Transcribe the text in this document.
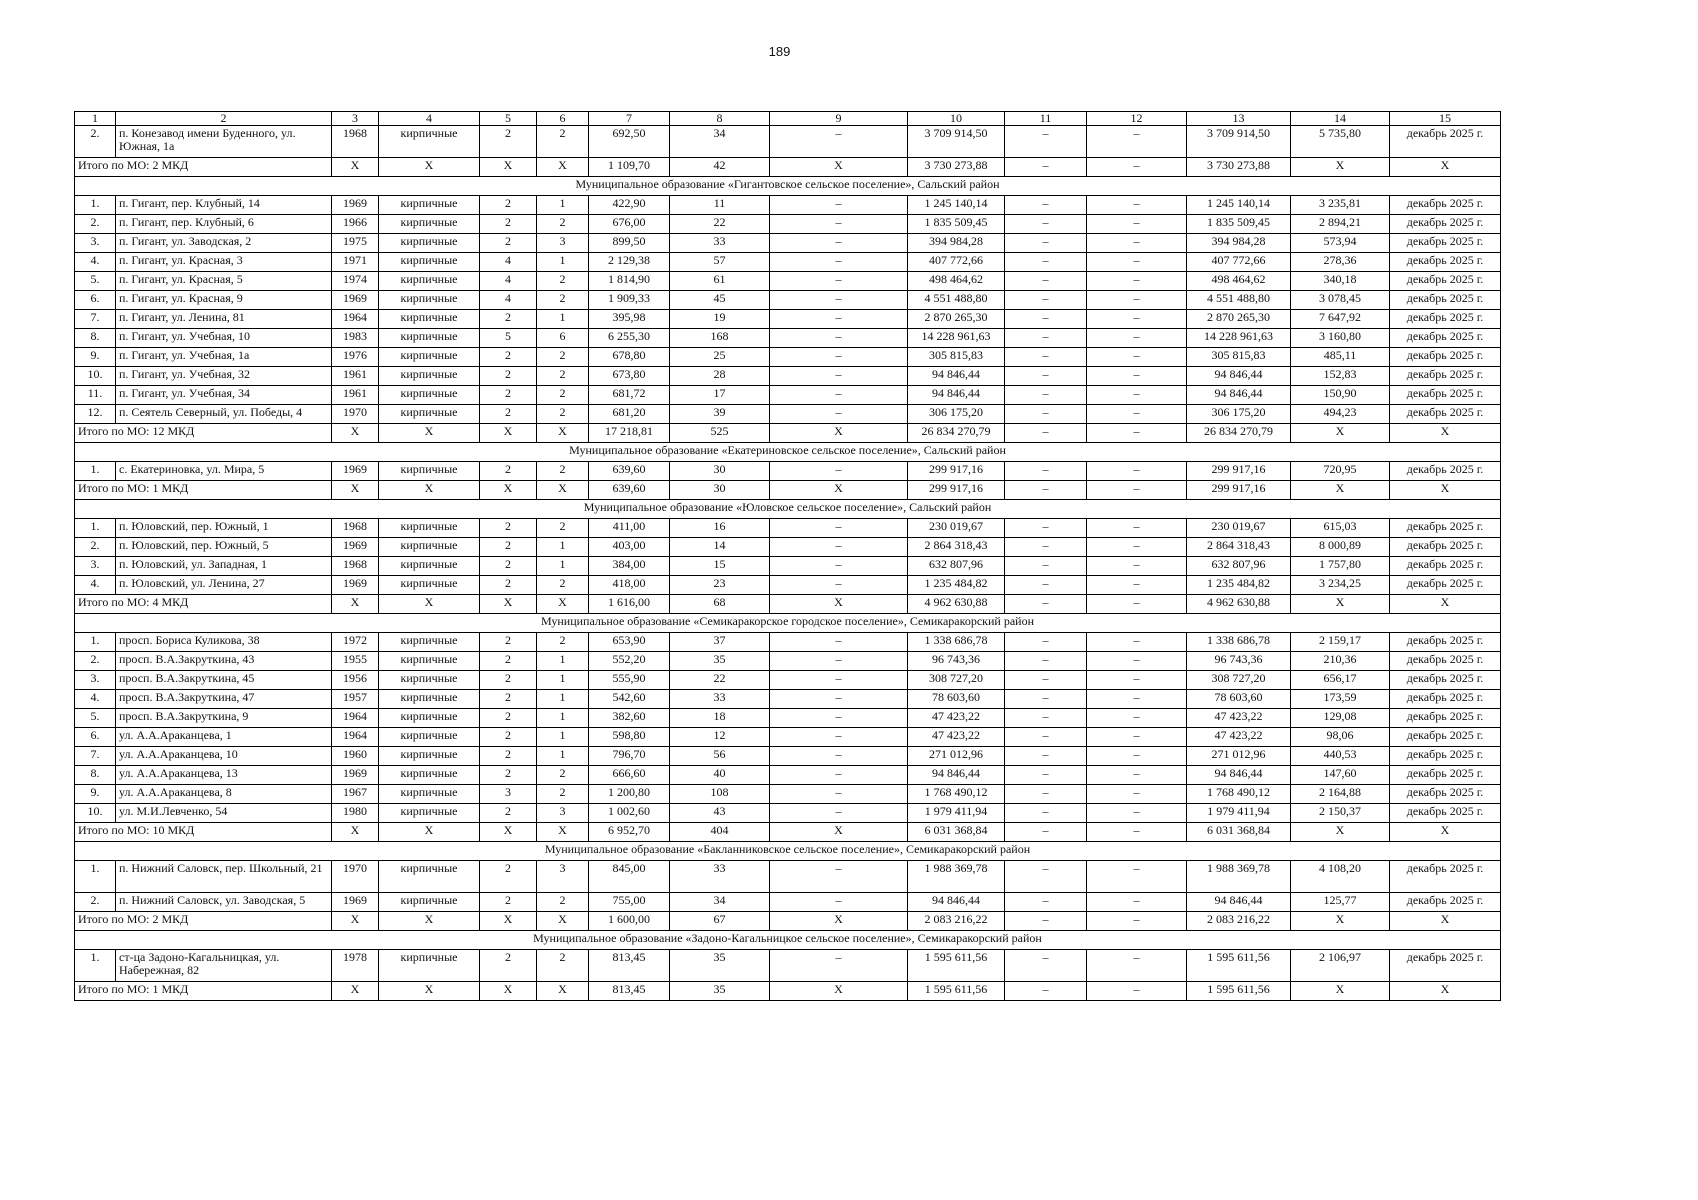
189
1	2	3	4	5	6	7	8	9	10	11	12	13	14	15
2.	п. Конезавод имени Буденного, ул. Южная, 1а	1968	кирпичные	2	2	692,50	34	–	3 709 914,50	–	–	3 709 914,50	5 735,80	декабрь 2025 г.
Итого по МО: 2 МКД		X	X	X	X	1 109,70	42	X	3 730 273,88	–	–	3 730 273,88	X	X
Муниципальное образование «Гигантовское сельское поселение», Сальский район														
1.	п. Гигант, пер. Клубный, 14	1969	кирпичные	2	1	422,90	11	–	1 245 140,14	–	–	1 245 140,14	3 235,81	декабрь 2025 г.
2.	п. Гигант, пер. Клубный, 6	1966	кирпичные	2	2	676,00	22	–	1 835 509,45	–	–	1 835 509,45	2 894,21	декабрь 2025 г.
3.	п. Гигант, ул. Заводская, 2	1975	кирпичные	2	3	899,50	33	–	394 984,28	–	–	394 984,28	573,94	декабрь 2025 г.
4.	п. Гигант, ул. Красная, 3	1971	кирпичные	4	1	2 129,38	57	–	407 772,66	–	–	407 772,66	278,36	декабрь 2025 г.
5.	п. Гигант, ул. Красная, 5	1974	кирпичные	4	2	1 814,90	61	–	498 464,62	–	–	498 464,62	340,18	декабрь 2025 г.
6.	п. Гигант, ул. Красная, 9	1969	кирпичные	4	2	1 909,33	45	–	4 551 488,80	–	–	4 551 488,80	3 078,45	декабрь 2025 г.
7.	п. Гигант, ул. Ленина, 81	1964	кирпичные	2	1	395,98	19	–	2 870 265,30	–	–	2 870 265,30	7 647,92	декабрь 2025 г.
8.	п. Гигант, ул. Учебная, 10	1983	кирпичные	5	6	6 255,30	168	–	14 228 961,63	–	–	14 228 961,63	3 160,80	декабрь 2025 г.
9.	п. Гигант, ул. Учебная, 1а	1976	кирпичные	2	2	678,80	25	–	305 815,83	–	–	305 815,83	485,11	декабрь 2025 г.
10.	п. Гигант, ул. Учебная, 32	1961	кирпичные	2	2	673,80	28	–	94 846,44	–	–	94 846,44	152,83	декабрь 2025 г.
11.	п. Гигант, ул. Учебная, 34	1961	кирпичные	2	2	681,72	17	–	94 846,44	–	–	94 846,44	150,90	декабрь 2025 г.
12.	п. Сеятель Северный, ул. Победы, 4	1970	кирпичные	2	2	681,20	39	–	306 175,20	–	–	306 175,20	494,23	декабрь 2025 г.
Итого по МО: 12 МКД		X	X	X	X	17 218,81	525	X	26 834 270,79	–	–	26 834 270,79	X	X
Муниципальное образование «Екатериновское сельское поселение», Сальский район														
1.	с. Екатериновка, ул. Мира, 5	1969	кирпичные	2	2	639,60	30	–	299 917,16	–	–	299 917,16	720,95	декабрь 2025 г.
Итого по МО: 1 МКД		X	X	X	X	639,60	30	X	299 917,16	–	–	299 917,16	X	X
Муниципальное образование «Юловское сельское поселение», Сальский район														
1.	п. Юловский, пер. Южный, 1	1968	кирпичные	2	2	411,00	16	–	230 019,67	–	–	230 019,67	615,03	декабрь 2025 г.
2.	п. Юловский, пер. Южный, 5	1969	кирпичные	2	1	403,00	14	–	2 864 318,43	–	–	2 864 318,43	8 000,89	декабрь 2025 г.
3.	п. Юловский, ул. Западная, 1	1968	кирпичные	2	1	384,00	15	–	632 807,96	–	–	632 807,96	1 757,80	декабрь 2025 г.
4.	п. Юловский, ул. Ленина, 27	1969	кирпичные	2	2	418,00	23	–	1 235 484,82	–	–	1 235 484,82	3 234,25	декабрь 2025 г.
Итого по МО: 4 МКД		X	X	X	X	1 616,00	68	X	4 962 630,88	–	–	4 962 630,88	X	X
Муниципальное образование «Семикаракорское городское поселение», Семикаракорский район														
1.	просп. Бориса Куликова, 38	1972	кирпичные	2	2	653,90	37	–	1 338 686,78	–	–	1 338 686,78	2 159,17	декабрь 2025 г.
2.	просп. В.А.Закруткина, 43	1955	кирпичные	2	1	552,20	35	–	96 743,36	–	–	96 743,36	210,36	декабрь 2025 г.
3.	просп. В.А.Закруткина, 45	1956	кирпичные	2	1	555,90	22	–	308 727,20	–	–	308 727,20	656,17	декабрь 2025 г.
4.	просп. В.А.Закруткина, 47	1957	кирпичные	2	1	542,60	33	–	78 603,60	–	–	78 603,60	173,59	декабрь 2025 г.
5.	просп. В.А.Закруткина, 9	1964	кирпичные	2	1	382,60	18	–	47 423,22	–	–	47 423,22	129,08	декабрь 2025 г.
6.	ул. А.А.Араканцева, 1	1964	кирпичные	2	1	598,80	12	–	47 423,22	–	–	47 423,22	98,06	декабрь 2025 г.
7.	ул. А.А.Араканцева, 10	1960	кирпичные	2	1	796,70	56	–	271 012,96	–	–	271 012,96	440,53	декабрь 2025 г.
8.	ул. А.А.Араканцева, 13	1969	кирпичные	2	2	666,60	40	–	94 846,44	–	–	94 846,44	147,60	декабрь 2025 г.
9.	ул. А.А.Араканцева, 8	1967	кирпичные	3	2	1 200,80	108	–	1 768 490,12	–	–	1 768 490,12	2 164,88	декабрь 2025 г.
10.	ул. М.И.Левченко, 54	1980	кирпичные	2	3	1 002,60	43	–	1 979 411,94	–	–	1 979 411,94	2 150,37	декабрь 2025 г.
Итого по МО: 10 МКД		X	X	X	X	6 952,70	404	X	6 031 368,84	–	–	6 031 368,84	X	X
Муниципальное образование «Бакланниковское сельское поселение», Семикаракорский район														
1.	п. Нижний Саловск, пер. Школьный, 21	1970	кирпичные	2	3	845,00	33	–	1 988 369,78	–	–	1 988 369,78	4 108,20	декабрь 2025 г.
2.	п. Нижний Саловск, ул. Заводская, 5	1969	кирпичные	2	2	755,00	34	–	94 846,44	–	–	94 846,44	125,77	декабрь 2025 г.
Итого по МО: 2 МКД		X	X	X	X	1 600,00	67	X	2 083 216,22	–	–	2 083 216,22	X	X
Муниципальное образование «Задоно-Кагальницкое сельское поселение», Семикаракорский район														
1.	ст-ца Задоно-Кагальницкая, ул. Набережная, 82	1978	кирпичные	2	2	813,45	35	–	1 595 611,56	–	–	1 595 611,56	2 106,97	декабрь 2025 г.
Итого по МО: 1 МКД		X	X	X	X	813,45	35	X	1 595 611,56	–	–	1 595 611,56	X	X
